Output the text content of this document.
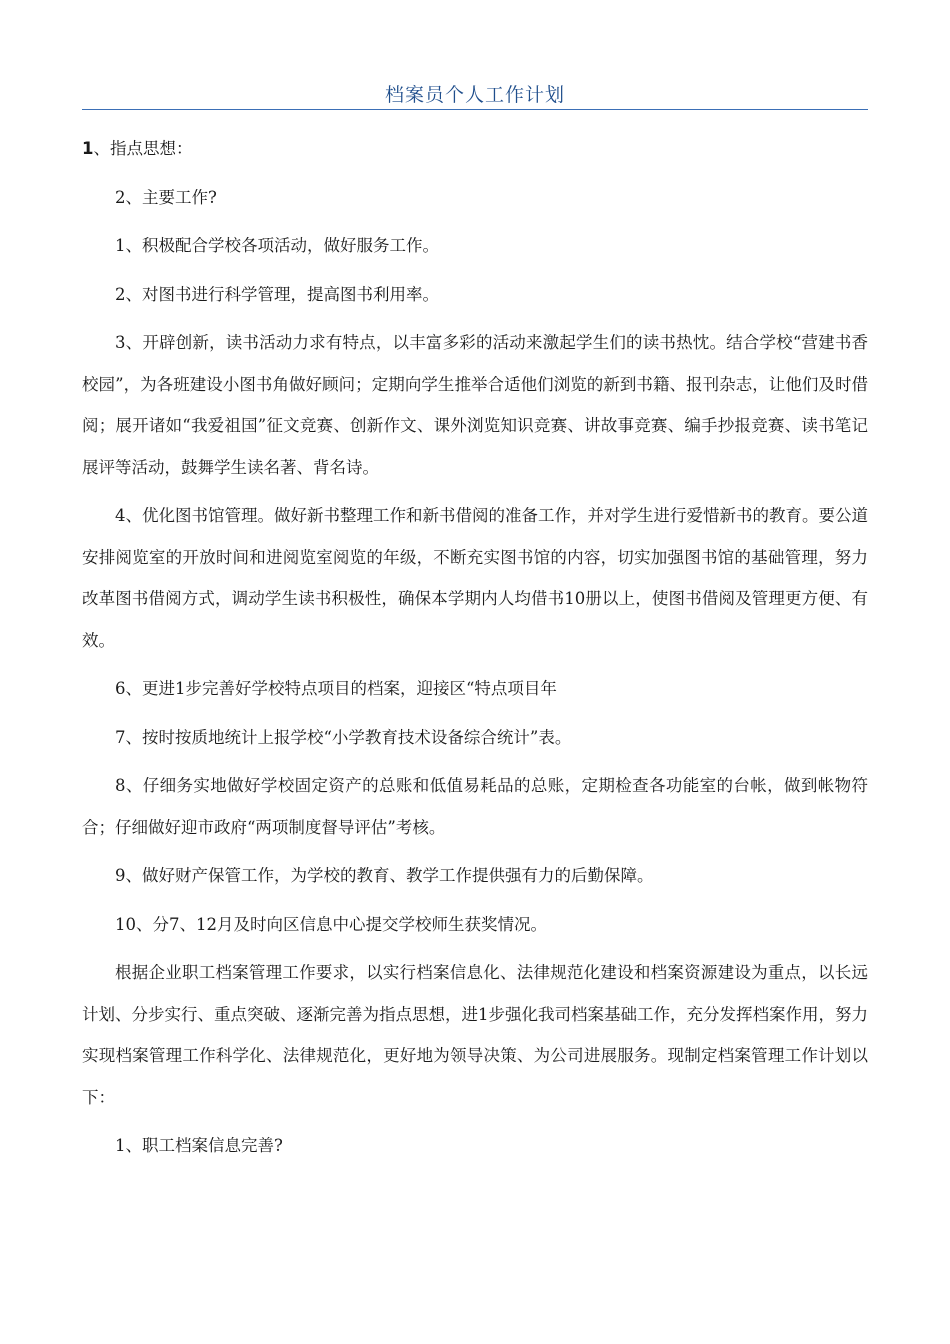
档案员个人工作计划

1、指点思想：

2、主要工作?

1、积极配合学校各项活动，做好服务工作。

2、对图书进行科学管理，提高图书利用率。

3、开辟创新，读书活动力求有特点，以丰富多彩的活动来激起学生们的读书热忱。结合学校“营建书香校园”，为各班建设小图书角做好顾问；定期向学生推举合适他们浏览的新到书籍、报刊杂志，让他们及时借阅；展开诸如“我爱祖国”征文竞赛、创新作文、课外浏览知识竞赛、讲故事竞赛、编手抄报竞赛、读书笔记展评等活动，鼓舞学生读名著、背名诗。

4、优化图书馆管理。做好新书整理工作和新书借阅的准备工作，并对学生进行爱惜新书的教育。要公道安排阅览室的开放时间和进阅览室阅览的年级，不断充实图书馆的内容，切实加强图书馆的基础管理，努力改革图书借阅方式，调动学生读书积极性，确保本学期内人均借书10册以上，使图书借阅及管理更方便、有效。

6、更进1步完善好学校特点项目的档案，迎接区“特点项目年

7、按时按质地统计上报学校“小学教育技术设备综合统计”表。

8、仔细务实地做好学校固定资产的总账和低值易耗品的总账，定期检查各功能室的台帐，做到帐物符合；仔细做好迎市政府“两项制度督导评估”考核。

9、做好财产保管工作，为学校的教育、教学工作提供强有力的后勤保障。

10、分7、12月及时向区信息中心提交学校师生获奖情况。

根据企业职工档案管理工作要求，以实行档案信息化、法律规范化建设和档案资源建设为重点，以长远计划、分步实行、重点突破、逐渐完善为指点思想，进1步强化我司档案基础工作，充分发挥档案作用，努力实现档案管理工作科学化、法律规范化，更好地为领导决策、为公司进展服务。现制定档案管理工作计划以下：

1、职工档案信息完善?
